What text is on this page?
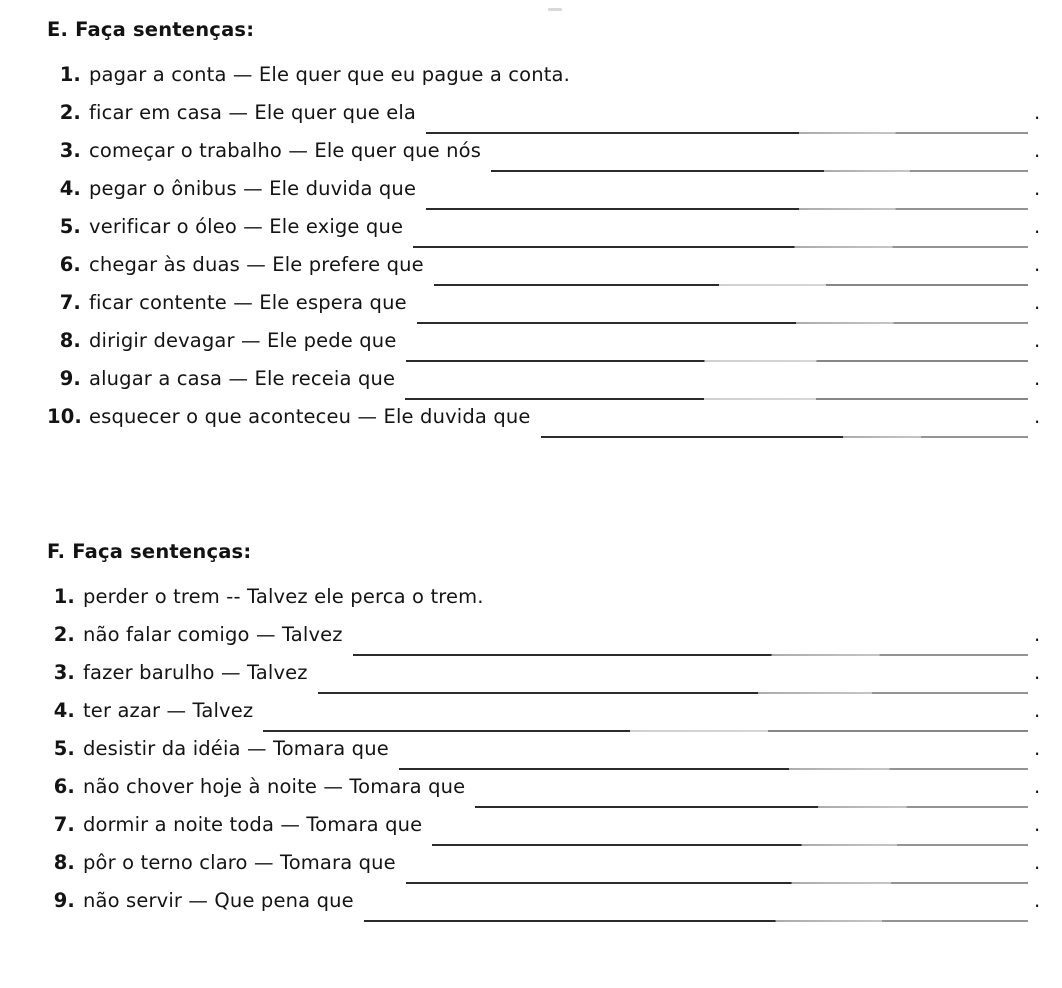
E. Faça sentenças:
1. pagar a conta — Ele quer que eu pague a conta.
2. ficar em casa — Ele quer que ela	.
3. começar o trabalho — Ele quer que nós	.
4. pegar o ônibus — Ele duvida que	.
5. verificar o óleo — Ele exige que	.
6. chegar às duas — Ele prefere que	.
7. ficar contente — Ele espera que	.
8. dirigir devagar — Ele pede que	.
9. alugar a casa — Ele receia que	.
10. esquecer o que aconteceu — Ele duvida que	.
F. Faça sentenças:
1. perder o trem -- Talvez ele perca o trem.
2. não falar comigo — Talvez	.
3. fazer barulho — Talvez	.
4. ter azar — Talvez	.
5. desistir da idéia — Tomara que	.
6. não chover hoje à noite — Tomara que	.
7. dormir a noite toda — Tomara que	.
8. pôr o terno claro — Tomara que	.
9. não servir — Que pena que	.
